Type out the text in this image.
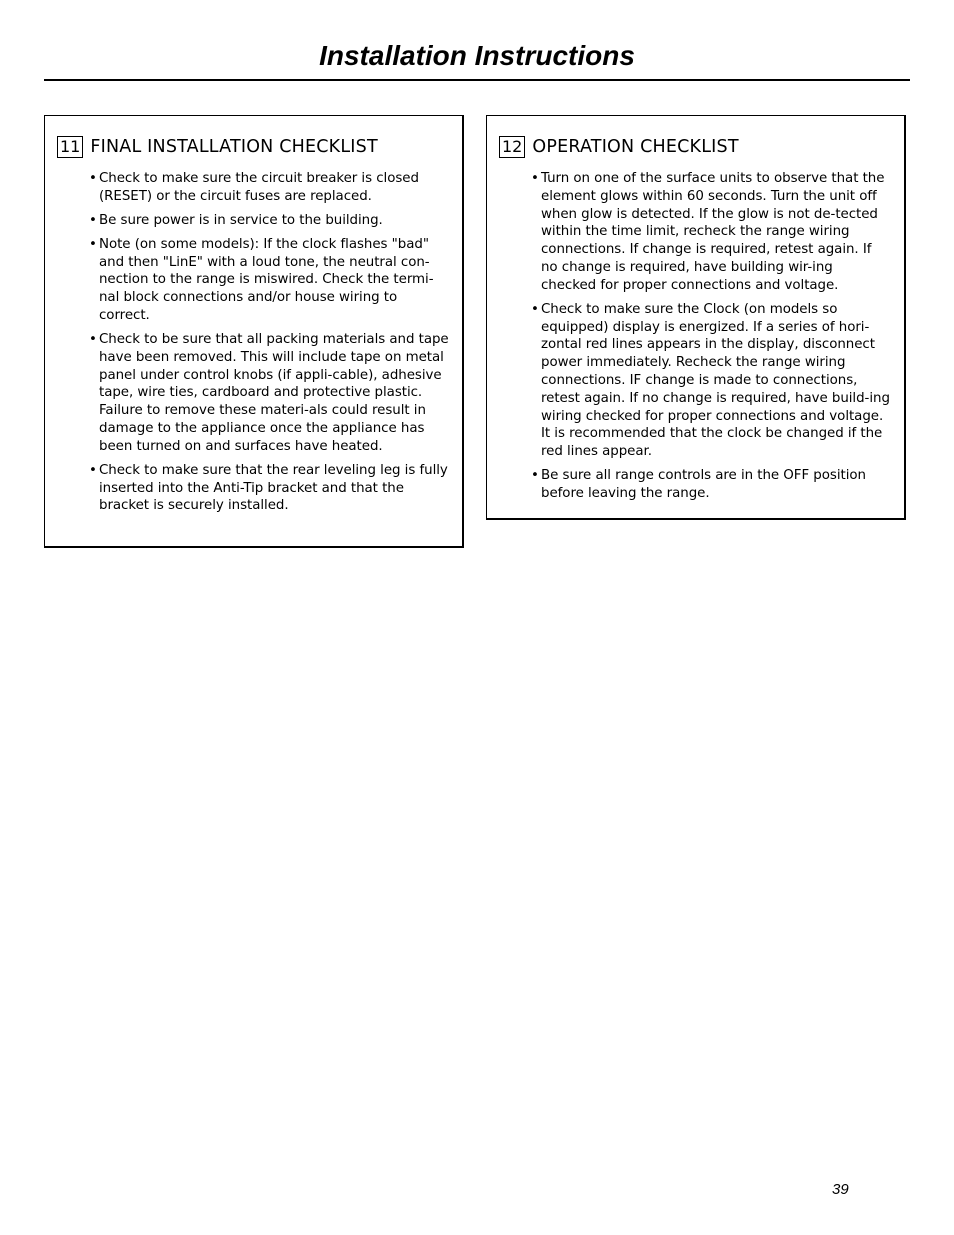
Installation Instructions
11 FINAL INSTALLATION CHECKLIST
• Check to make sure the circuit breaker is closed (RESET) or the circuit fuses are replaced.
• Be sure power is in service to the building.
• Note (on some models): If the clock flashes "bad" and then "LinE" with a loud tone, the neutral con-nection to the range is miswired. Check the termi-nal block connections and/or house wiring to correct.
• Check to be sure that all packing materials and tape have been removed. This will include tape on metal panel under control knobs (if appli-cable), adhesive tape, wire ties, cardboard and protective plastic. Failure to remove these materi-als could result in damage to the appliance once the appliance has been turned on and surfaces have heated.
• Check to make sure that the rear leveling leg is fully inserted into the Anti-Tip bracket and that the bracket is securely installed.
12 OPERATION CHECKLIST
• Turn on one of the surface units to observe that the element glows within 60 seconds. Turn the unit off when glow is detected. If the glow is not de-tected within the time limit, recheck the range wiring connections. If change is required, retest again. If no change is required, have building wir-ing checked for proper connections and voltage.
• Check to make sure the Clock (on models so equipped) display is energized. If a series of hori-zontal red lines appears in the display, disconnect power immediately. Recheck the range wiring connections. IF change is made to connections, retest again. If no change is required, have build-ing wiring checked for proper connections and voltage. It is recommended that the clock be changed if the red lines appear.
• Be sure all range controls are in the OFF position before leaving the range.
39
